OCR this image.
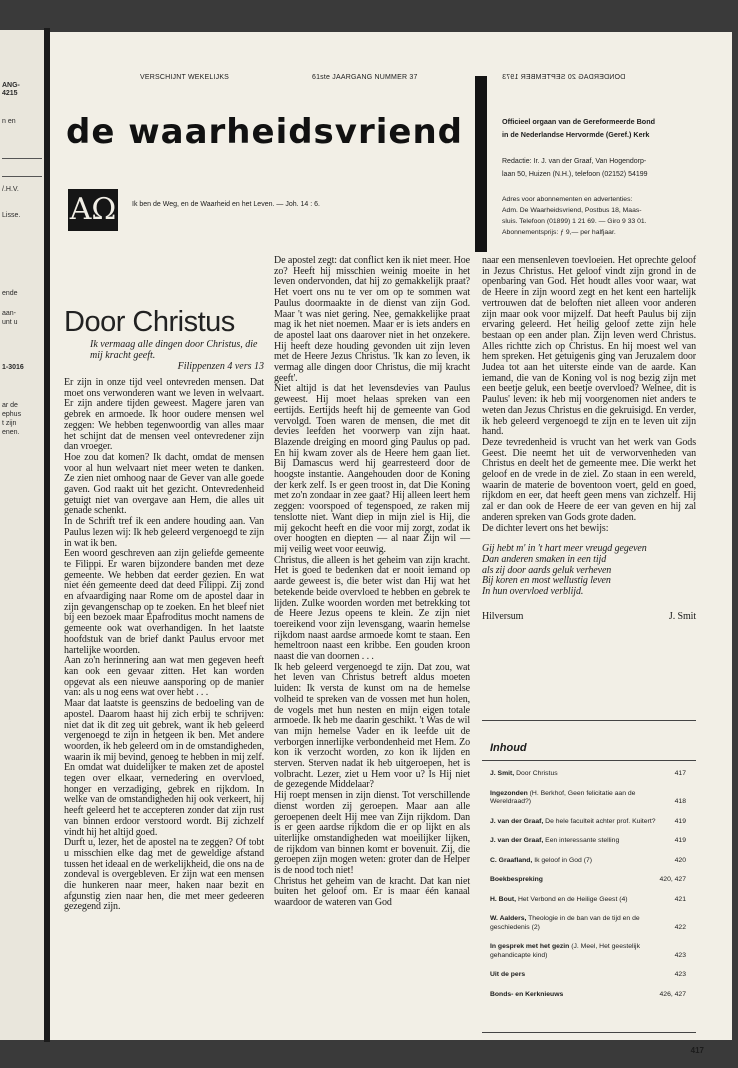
ANG-
4215
n en
/.H.V.
Lisse.
ende
aan-
unt u
1-3016
ar de
ephus
t zijn
enen.
VERSCHIJNT WEKELIJKS	61ste JAARGANG NUMMER 37	DONDERDAG 20 SEPTEMBER 1973
de waarheidsvriend
AΩ Ik ben de Weg, en de Waarheid en het Leven. — Joh. 14 : 6.
Officieel orgaan van de Gereformeerde Bond
in de Nederlandse Hervormde (Geref.) Kerk
Redactie: Ir. J. van der Graaf, Van Hogendorp-
laan 50, Huizen (N.H.), telefoon (02152) 54199
Adres voor abonnementen en advertenties:
Adm. De Waarheidsvriend, Postbus 18, Maas-
sluis. Telefoon (01899) 1 21 69. — Giro 9 33 01.
Abonnementsprijs: ƒ 9,— per halfjaar.
Door Christus
Ik vermaag alle dingen door Christus, die mij kracht geeft.
Filippenzen 4 vers 13

Er zijn in onze tijd veel ontevreden mensen. Dat moet ons verwonderen want we leven in welvaart. Er zijn andere tijden geweest. Magere jaren van gebrek en armoede. Ik hoor oudere mensen wel zeggen: We hebben tegenwoordig van alles maar het schijnt dat de mensen veel ontevredener zijn dan vroeger.

Hoe zou dat komen? Ik dacht, omdat de mensen voor al hun welvaart niet meer weten te danken. Ze zien niet omhoog naar de Gever van alle goede gaven. God raakt uit het gezicht. Ontevredenheid getuigt niet van overgave aan Hem, die alles uit genade schenkt.

In de Schrift tref ik een andere houding aan. Van Paulus lezen wij: Ik heb geleerd vergenoegd te zijn in wat ik ben.

Een woord geschreven aan zijn geliefde gemeente te Filippi. Er waren bijzondere banden met deze gemeente. We hebben dat eerder gezien. En wat niet één gemeente deed dat deed Filippi. Zij zond en afvaardiging naar Rome om de apostel daar in zijn gevangenschap op te zoeken. En het bleef niet bij een bezoek maar Epafroditus mocht namens de gemeente ook wat overhandigen. In het laatste hoofdstuk van de brief dankt Paulus ervoor met hartelijke woorden.

Aan zo'n herinnering aan wat men gegeven heeft kan ook een gevaar zitten. Het kan worden opgevat als een nieuwe aansporing op de manier van: als u nog eens wat over hebt . . .

Maar dat laatste is geenszins de bedoeling van de apostel. Daarom haast hij zich erbij te schrijven: niet dat ik dit zeg uit gebrek, want ik heb geleerd vergenoegd te zijn in hetgeen ik ben. Met andere woorden, ik heb geleerd om in de omstandigheden, waarin ik mij bevind, genoeg te hebben in mij zelf. En omdat wat duidelijker te maken zet de apostel tegen over elkaar, vernedering en overvloed, honger en verzadiging, gebrek en rijkdom. In welke van de omstandigheden hij ook verkeert, hij heeft geleerd het te accepteren zonder dat zijn rust van binnen erdoor verstoord wordt. Bij zichzelf vindt hij het altijd goed.

Durft u, lezer, het de apostel na te zeggen? Of tobt u misschien elke dag met de geweldige afstand tussen het ideaal en de werkelijkheid, die ons na de zondeval is overgebleven. Er zijn wat een mensen die hunkeren naar meer, haken naar bezit en afgunstig zien naar hen, die met meer gedeeren gezegend zijn.

De apostel zegt: dat conflict ken ik niet meer. Hoe zo? Heeft hij misschien weinig moeite in het leven ondervonden, dat hij zo gemakkelijk praat? Het voert ons nu te ver om op te sommen wat Paulus doormaakte in de dienst van zijn God. Maar 't was niet gering. Nee, gemakkelijke praat mag ik het niet noemen. Maar er is iets anders en de apostel laat ons daarover niet in het onzekere. Hij heeft deze houding gevonden uit zijn leven met de Heere Jezus Christus. 'Ik kan zo leven, ik vermag alle dingen door Christus, die mij kracht geeft'.

Niet altijd is dat het levensdevies van Paulus geweest. Hij moet helaas spreken van een eertijds. Eertijds heeft hij de gemeente van God vervolgd. Toen waren de mensen, die met dit devies leefden het voorwerp van zijn haat. Blazende dreiging en moord ging Paulus op pad. En hij kwam zover als de Heere hem gaan liet. Bij Damascus werd hij gearresteerd door de hoogste instantie. Aangehouden door de Koning der kerk zelf. Is er geen troost in, dat Die Koning met zo'n zondaar in zee gaat? Hij alleen leert hem zeggen: voorspoed of tegenspoed, ze raken mij tenslotte niet. Want diep in mijn ziel is Hij, die mij gekocht heeft en die voor mij zorgt, zodat ik over hoogten en diepten — al naar Zijn wil — mij veilig weet voor eeuwig.

Christus, die alleen is het geheim van zijn kracht. Het is goed te bedenken dat er nooit iemand op aarde geweest is, die beter wist dan Hij wat het betekende beide overvloed te hebben en gebrek te lijden. Zulke woorden worden met betrekking tot de Heere Jezus opeens te klein. Ze zijn niet toereikend voor zijn levensgang, waarin hemelse rijkdom naast aardse armoede komt te staan. Een hemeltroon naast een kribbe. Een gouden kroon naast die van doornen . . .

Ik heb geleerd vergenoegd te zijn. Dat zou, wat het leven van Christus betreft aldus moeten luiden: Ik versta de kunst om na de hemelse volheid te spreken van de vossen met hun holen, de vogels met hun nesten en mijn eigen totale armoede. Ik heb me daarin geschikt. 't Was de wil van mijn hemelse Vader en ik leefde uit de verborgen innerlijke verbondenheid met Hem. Zo kon ik verzocht worden, zo kon ik lijden en sterven. Sterven nadat ik heb uitgeroepen, het is volbracht. Lezer, ziet u Hem voor u? Is Hij niet de gezegende Middelaar?

Hij roept mensen in zijn dienst. Tot verschillende dienst worden zij geroepen. Maar aan alle geroepenen deelt Hij mee van Zijn rijkdom. Dan is er geen aardse rijkdom die er op lijkt en als uiterlijke omstandigheden wat moeilijker lijken, de rijkdom van binnen komt er bovenuit. Zij, die geroepen zijn mogen weten: groter dan de Helper is de nood toch niet!

Christus het geheim van de kracht. Dat kan niet buiten het geloof om. Er is maar één kanaal waardoor de wateren van God

naar een mensenleven toevloeien. Het oprechte geloof in Jezus Christus. Het geloof vindt zijn grond in de openbaring van God. Het houdt alles voor waar, wat de Heere in zijn woord zegt en het kent een hartelijk vertrouwen dat de beloften niet alleen voor anderen zijn maar ook voor mijzelf. Dat heeft Paulus bij zijn ervaring geleerd. Het heilig geloof zette zijn hele bestaan op een ander plan. Zijn leven werd Christus. Alles richtte zich op Christus. En hij moest wel van hem spreken. Het getuigenis ging van Jeruzalem door Judea tot aan het uiterste einde van de aarde. Kan iemand, die van de Koning vol is nog bezig zijn met een beetje geluk, een beetje overvloed? Welnee, dit is Paulus' leven: ik heb mij voorgenomen niet anders te weten dan Jezus Christus en die gekruisigd. En verder, ik heb geleerd vergenoegd te zijn en te leven uit zijn hand.

Deze tevredenheid is vrucht van het werk van Gods Geest. Die neemt het uit de verworvenheden van Christus en deelt het de gemeente mee. Die werkt het geloof en de vrede in de ziel. Zo staan in een wereld, waarin de materie de boventoon voert, geld en goed, rijkdom en eer, dat heeft geen mens van zichzelf. Hij zal er dan ook de Heere de eer van geven en hij zal anderen spreken van Gods grote daden.

De dichter levert ons het bewijs:

Gij hebt m' in 't hart meer vreugd gegeven
Dan anderen smaken in een tijd
als zij door aards geluk verheven
Bij koren en most wellustig leven
In hun overvloed verblijd.

Hilversum	J. Smit

Inhoud
J. Smit, Door Christus	417
Ingezonden (H. Berkhof, Geen felicitatie aan de Wereldraad?)	418
J. van der Graaf, De hele faculteit achter prof. Kuitert?	419
J. van der Graaf, Een interessante stelling	419
C. Graafland, Ik geloof in God (7)	420
Boekbespreking	420, 427
H. Bout, Het Verbond en de Heilige Geest (4)	421
W. Aalders, Theologie in de ban van de tijd en de geschiedenis (2)	422
In gesprek met het gezin (J. Meel, Het geestelijk gehandicapte kind)	423
Uit de pers	423
Bonds- en Kerknieuws	426, 427
417
